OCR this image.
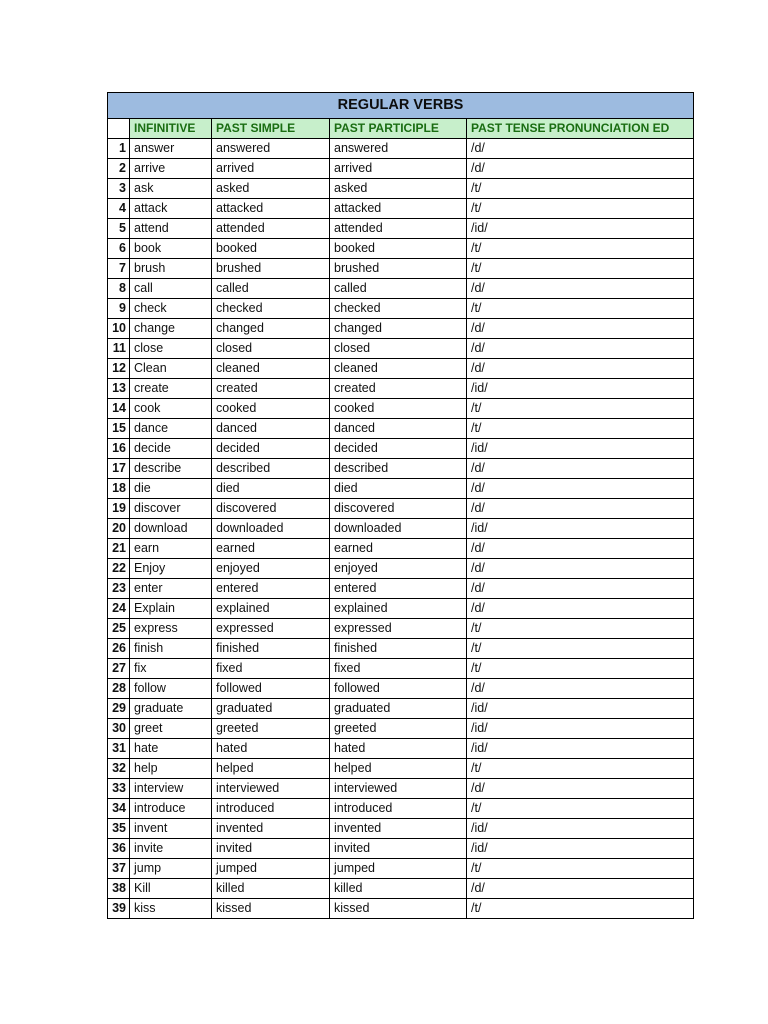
REGULAR VERBS				
	INFINITIVE	PAST SIMPLE	PAST PARTICIPLE	PAST TENSE PRONUNCIATION ED
1	answer	answered	answered	/d/
2	arrive	arrived	arrived	/d/
3	ask	asked	asked	/t/
4	attack	attacked	attacked	/t/
5	attend	attended	attended	/id/
6	book	booked	booked	/t/
7	brush	brushed	brushed	/t/
8	call	called	called	/d/
9	check	checked	checked	/t/
10	change	changed	changed	/d/
11	close	closed	closed	/d/
12	Clean	cleaned	cleaned	/d/
13	create	created	created	/id/
14	cook	cooked	cooked	/t/
15	dance	danced	danced	/t/
16	decide	decided	decided	/id/
17	describe	described	described	/d/
18	die	died	died	/d/
19	discover	discovered	discovered	/d/
20	download	downloaded	downloaded	/id/
21	earn	earned	earned	/d/
22	Enjoy	enjoyed	enjoyed	/d/
23	enter	entered	entered	/d/
24	Explain	explained	explained	/d/
25	express	expressed	expressed	/t/
26	finish	finished	finished	/t/
27	fix	fixed	fixed	/t/
28	follow	followed	followed	/d/
29	graduate	graduated	graduated	/id/
30	greet	greeted	greeted	/id/
31	hate	hated	hated	/id/
32	help	helped	helped	/t/
33	interview	interviewed	interviewed	/d/
34	introduce	introduced	introduced	/t/
35	invent	invented	invented	/id/
36	invite	invited	invited	/id/
37	jump	jumped	jumped	/t/
38	Kill	killed	killed	/d/
39	kiss	kissed	kissed	/t/
